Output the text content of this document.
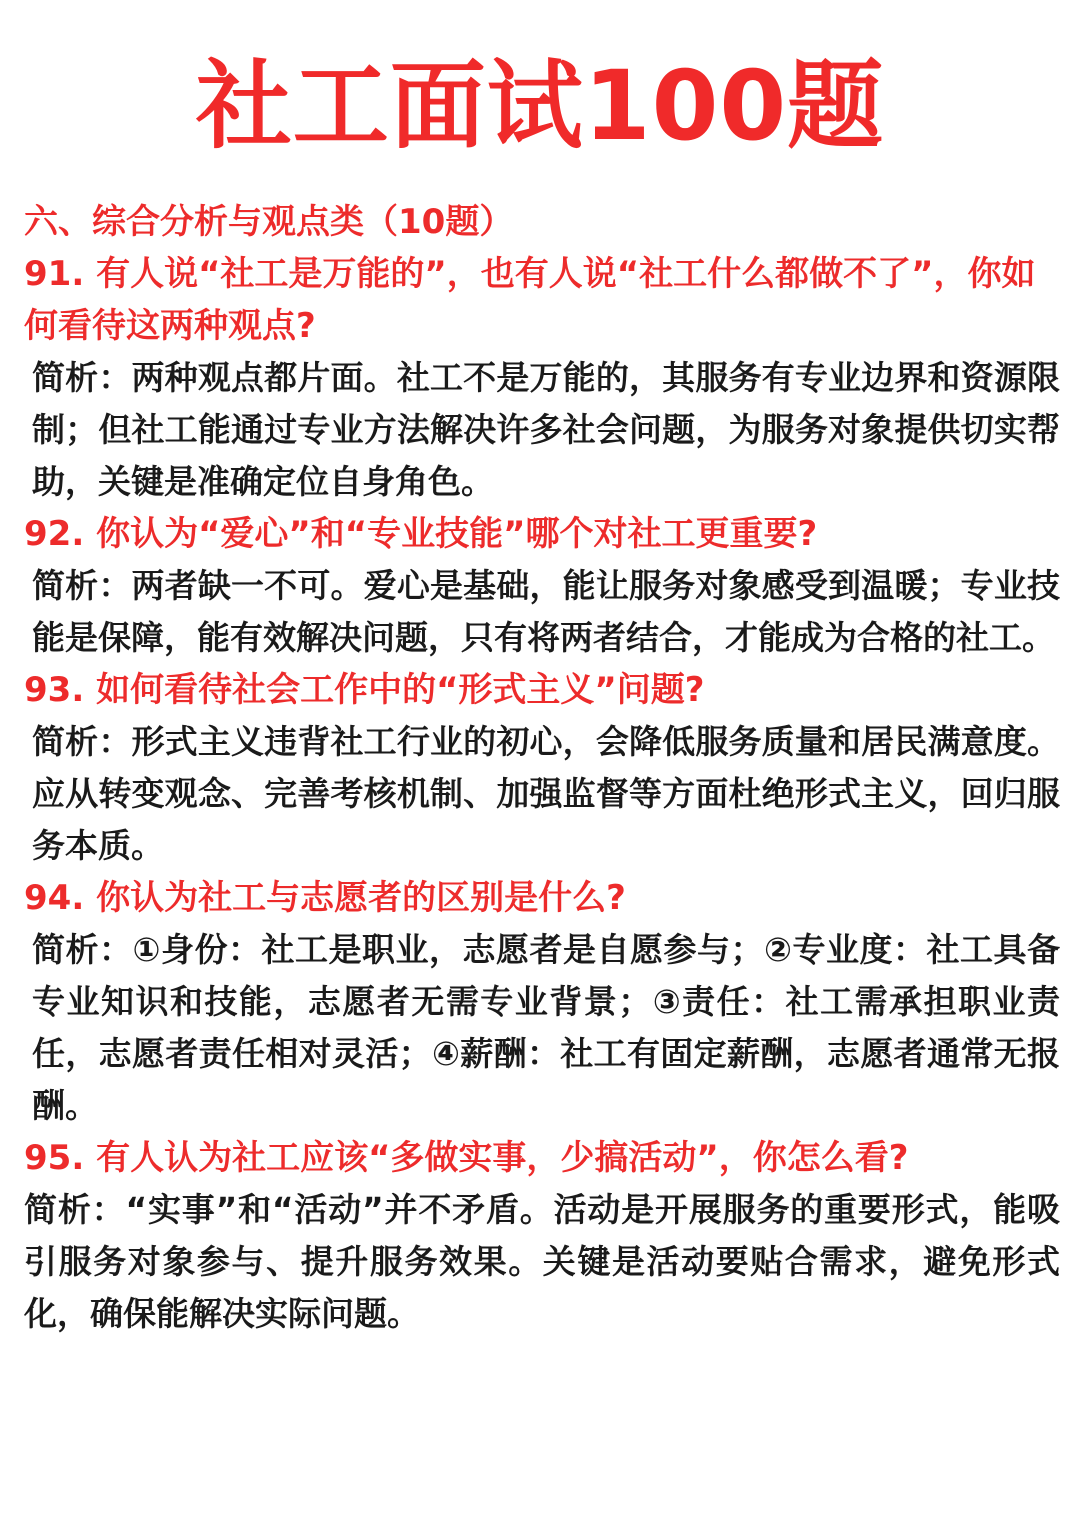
社工面试100题

六、综合分析与观点类（10题）

91. 有人说“社工是万能的”，也有人说“社工什么都做不了”，你如何看待这两种观点?

简析：两种观点都片面。社工不是万能的，其服务有专业边界和资源限制；但社工能通过专业方法解决许多社会问题，为服务对象提供切实帮助，关键是准确定位自身角色。

92. 你认为“爱心”和“专业技能”哪个对社工更重要?

简析：两者缺一不可。爱心是基础，能让服务对象感受到温暖；专业技能是保障，能有效解决问题，只有将两者结合，才能成为合格的社工。

93. 如何看待社会工作中的“形式主义”问题?

简析：形式主义违背社工行业的初心，会降低服务质量和居民满意度。应从转变观念、完善考核机制、加强监督等方面杜绝形式主义，回归服务本质。

94. 你认为社工与志愿者的区别是什么?

简析：①身份：社工是职业，志愿者是自愿参与；②专业度：社工具备专业知识和技能，志愿者无需专业背景；③责任：社工需承担职业责任，志愿者责任相对灵活；④薪酬：社工有固定薪酬，志愿者通常无报酬。

95. 有人认为社工应该“多做实事，少搞活动”，你怎么看?

简析：“实事”和“活动”并不矛盾。活动是开展服务的重要形式，能吸引服务对象参与、提升服务效果。关键是活动要贴合需求，避免形式化，确保能解决实际问题。
